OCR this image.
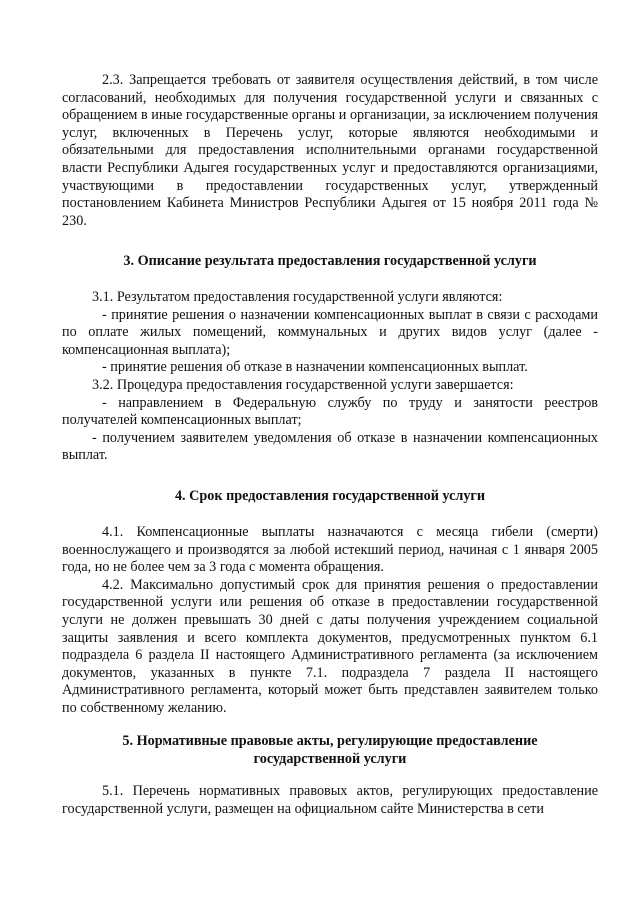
2.3. Запрещается требовать от заявителя осуществления действий, в том числе согласований, необходимых для получения государственной услуги и связанных с обращением в иные государственные органы и организации, за исключением получения услуг, включенных в Перечень услуг, которые являются необходимыми и обязательными для предоставления исполнительными органами государственной власти Республики Адыгея государственных услуг и предоставляются организациями, участвующими в предоставлении государственных услуг, утвержденный постановлением Кабинета Министров Республики Адыгея от 15 ноября 2011 года № 230.

3. Описание результата предоставления государственной услуги

3.1. Результатом предоставления государственной услуги являются:

- принятие решения о назначении компенсационных выплат в связи с расходами по оплате жилых помещений, коммунальных и других видов услуг (далее - компенсационная выплата);

- принятие решения об отказе в назначении компенсационных выплат.

3.2. Процедура предоставления государственной услуги завершается:

- направлением в Федеральную службу по труду и занятости реестров получателей компенсационных выплат;

- получением заявителем уведомления об отказе в назначении компенсационных выплат.

4. Срок предоставления государственной услуги

4.1. Компенсационные выплаты назначаются с месяца гибели (смерти) военнослужащего и производятся за любой истекший период, начиная с 1 января 2005 года, но не более чем за 3 года с момента обращения.

4.2. Максимально допустимый срок для принятия решения о предоставлении государственной услуги или решения об отказе в предоставлении государственной услуги не должен превышать 30 дней с даты получения учреждением социальной защиты заявления и всего комплекта документов, предусмотренных пунктом 6.1 подраздела 6 раздела II настоящего Административного регламента (за исключением документов, указанных в пункте 7.1. подраздела 7 раздела II настоящего Административного регламента, который может быть представлен заявителем только по собственному желанию.

5. Нормативные правовые акты, регулирующие предоставление

государственной услуги

5.1. Перечень нормативных правовых актов, регулирующих предоставление государственной услуги, размещен на официальном сайте Министерства в сети
